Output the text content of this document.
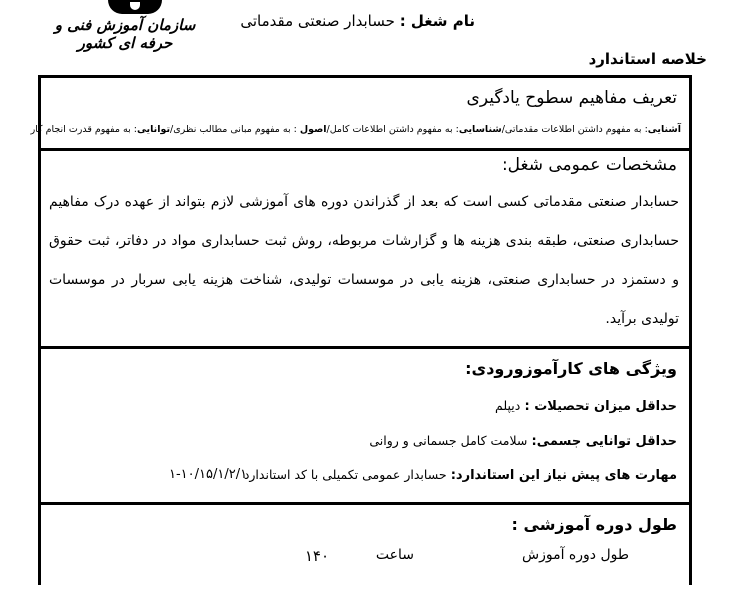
سازمان آموزش فنی و حرفه ای کشور
نام شغل : حسابدار صنعتی مقدماتی
خلاصه استاندارد
تعریف مفاهیم سطوح یادگیری
آشنایی: به مفهوم داشتن اطلاعات مقدماتی/شناسایی: به مفهوم داشتن اطلاعات کامل/اصول : به مفهوم مبانی مطالب نظری/توانایی: به مفهوم قدرت انجام کار
مشخصات عمومی شغل:
حسابدار صنعتی مقدماتی کسی است که بعد از گذراندن دوره های آموزشی لازم بتواند از عهده درک مفاهیم حسابداری صنعتی، طبقه بندی هزینه ها و گزارشات مربوطه، روش ثبت حسابداری مواد در دفاتر، ثبت حقوق و دستمزد در حسابداری صنعتی، هزینه یابی در موسسات تولیدی، شناخت هزینه یابی سربار در موسسات تولیدی برآید.
ویژگی های کارآموزورودی:
حداقل میزان تحصیلات : دیپلم
حداقل توانایی جسمی: سلامت کامل جسمانی و روانی
مهارت های پیش نیاز این استاندارد: حسابدار عمومی تکمیلی با کد استاندارد
۱-۱۰/۱۵/۱/۲/۱
طول دوره آموزشی :
طول دوره آموزش
۱۴۰	ساعت
